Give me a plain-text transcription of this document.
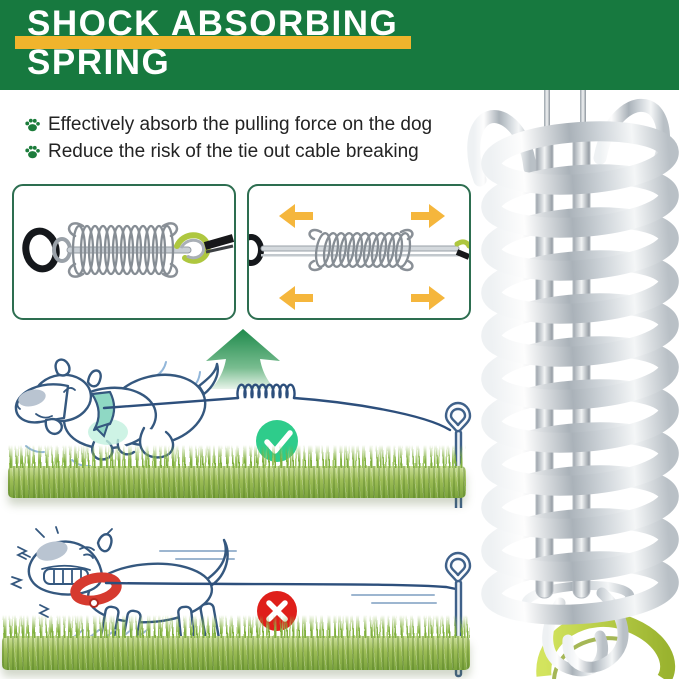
SHOCK ABSORBING
SPRING
Effectively absorb the pulling force on the dog
Reduce the risk of the tie out cable breaking
